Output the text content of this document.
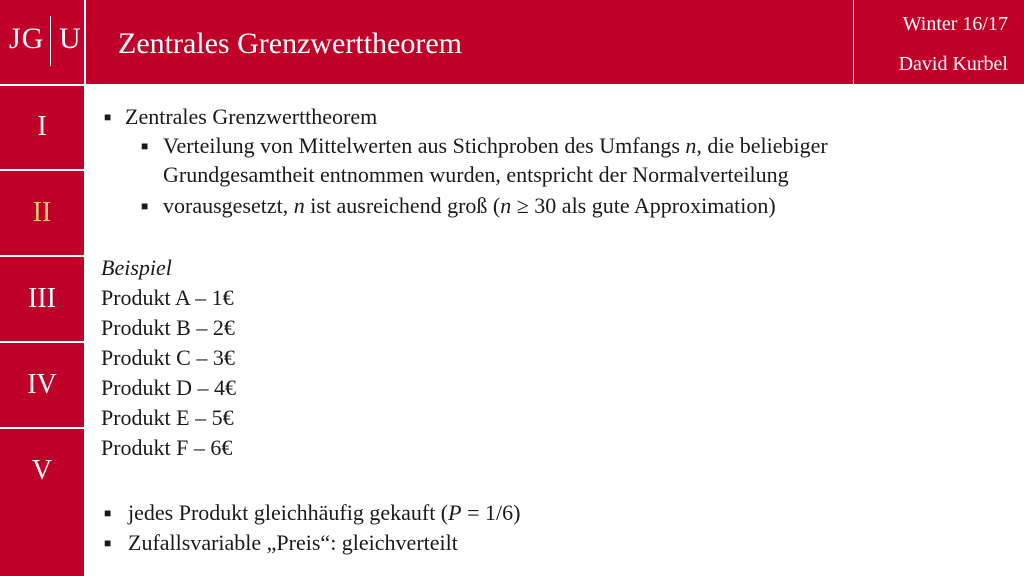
JG U
I
II
III
IV
V
Zentrales Grenzwerttheorem
Winter 16/17
David Kurbel
■ Zentrales Grenzwerttheorem
■ Verteilung von Mittelwerten aus Stichproben des Umfangs n, die beliebiger
Grundgesamtheit entnommen wurden, entspricht der Normalverteilung
■ vorausgesetzt, n ist ausreichend groß (n ≥ 30 als gute Approximation)
Beispiel
Produkt A – 1€
Produkt B – 2€
Produkt C – 3€
Produkt D – 4€
Produkt E – 5€
Produkt F – 6€
■ jedes Produkt gleichhäufig gekauft (P = 1/6)
■ Zufallsvariable „Preis“: gleichverteilt
